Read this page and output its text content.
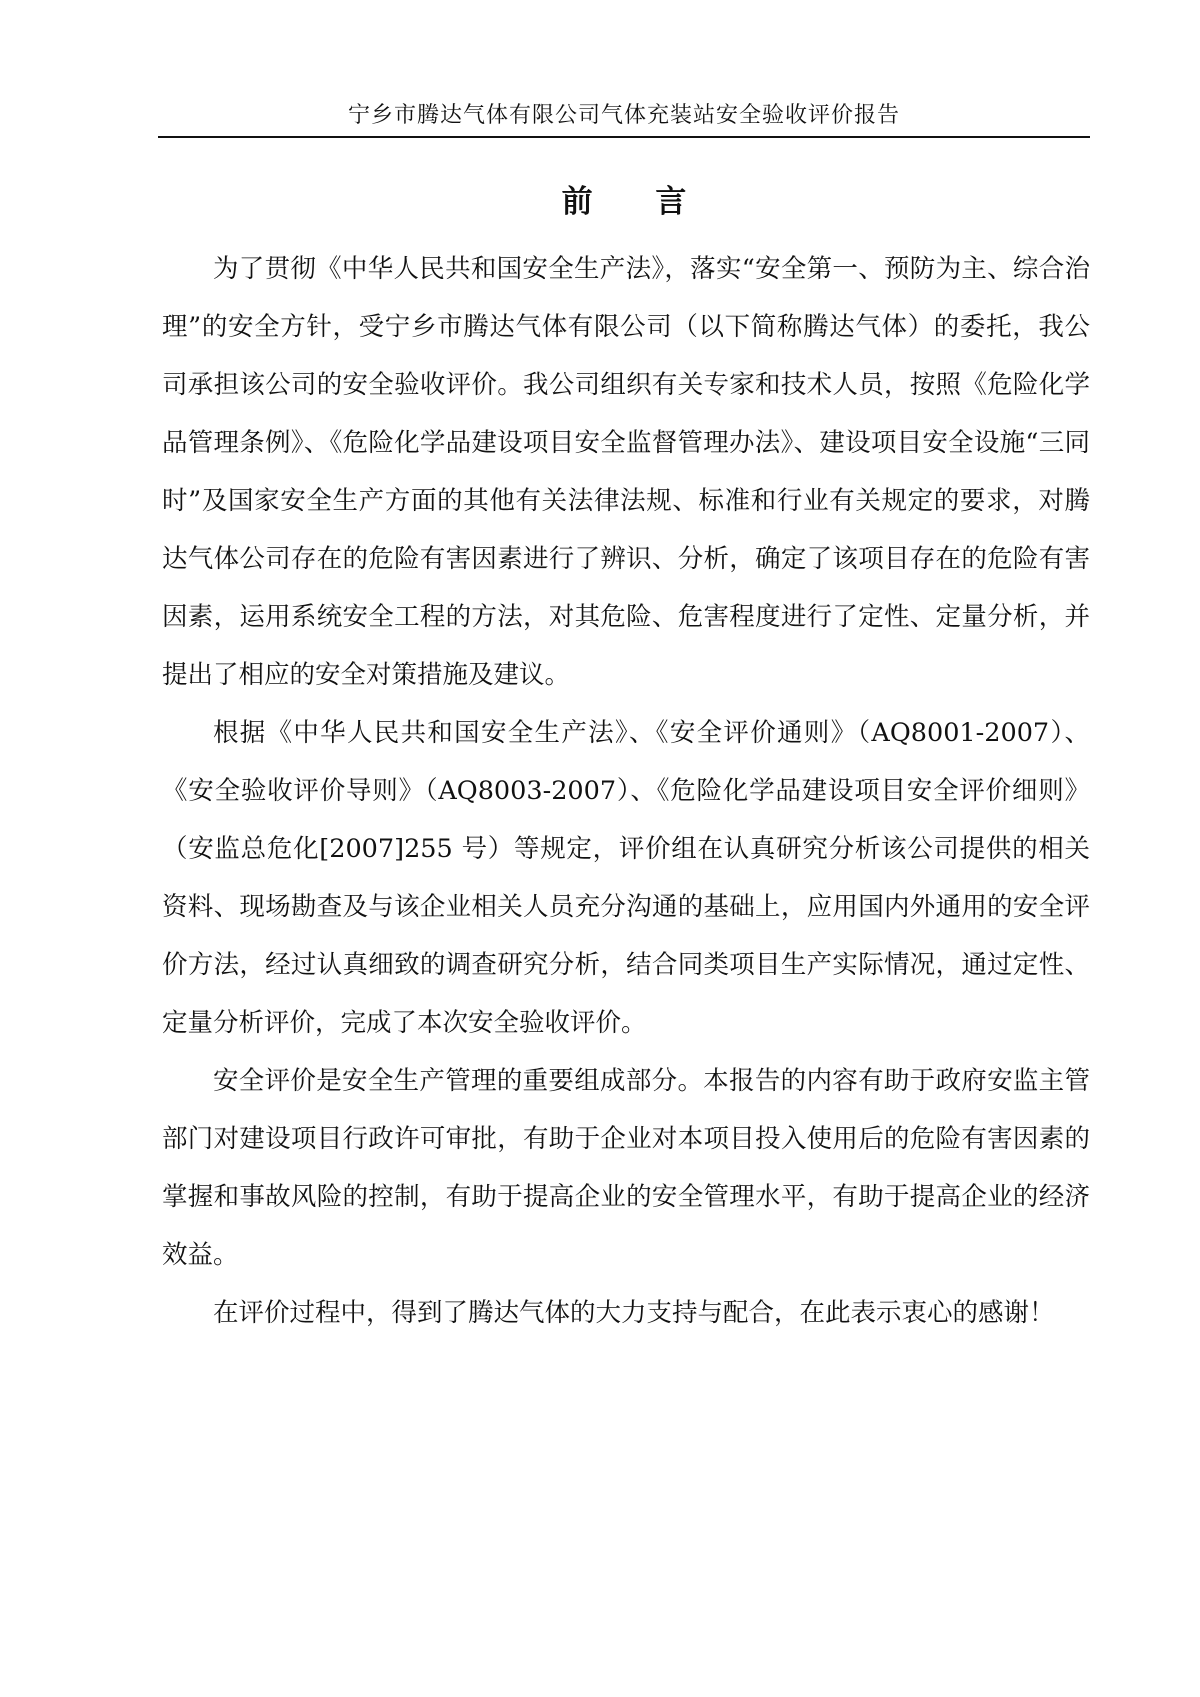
宁乡市腾达气体有限公司气体充装站安全验收评价报告
前 言

为了贯彻《中华人民共和国安全生产法》，落实“安全第一、预防为主、综合治理”的安全方针，受宁乡市腾达气体有限公司（以下简称腾达气体）的委托，我公司承担该公司的安全验收评价。我公司组织有关专家和技术人员，按照《危险化学品管理条例》、《危险化学品建设项目安全监督管理办法》、建设项目安全设施“三同时”及国家安全生产方面的其他有关法律法规、标准和行业有关规定的要求，对腾达气体公司存在的危险有害因素进行了辨识、分析，确定了该项目存在的危险有害因素，运用系统安全工程的方法，对其危险、危害程度进行了定性、定量分析，并提出了相应的安全对策措施及建议。

根据《中华人民共和国安全生产法》、《安全评价通则》（AQ8001-2007）、《安全验收评价导则》（AQ8003-2007）、《危险化学品建设项目安全评价细则》（安监总危化[2007]255 号）等规定，评价组在认真研究分析该公司提供的相关资料、现场勘查及与该企业相关人员充分沟通的基础上，应用国内外通用的安全评价方法，经过认真细致的调查研究分析，结合同类项目生产实际情况，通过定性、定量分析评价，完成了本次安全验收评价。

安全评价是安全生产管理的重要组成部分。本报告的内容有助于政府安监主管部门对建设项目行政许可审批，有助于企业对本项目投入使用后的危险有害因素的掌握和事故风险的控制，有助于提高企业的安全管理水平，有助于提高企业的经济效益。

在评价过程中，得到了腾达气体的大力支持与配合，在此表示衷心的感谢！
